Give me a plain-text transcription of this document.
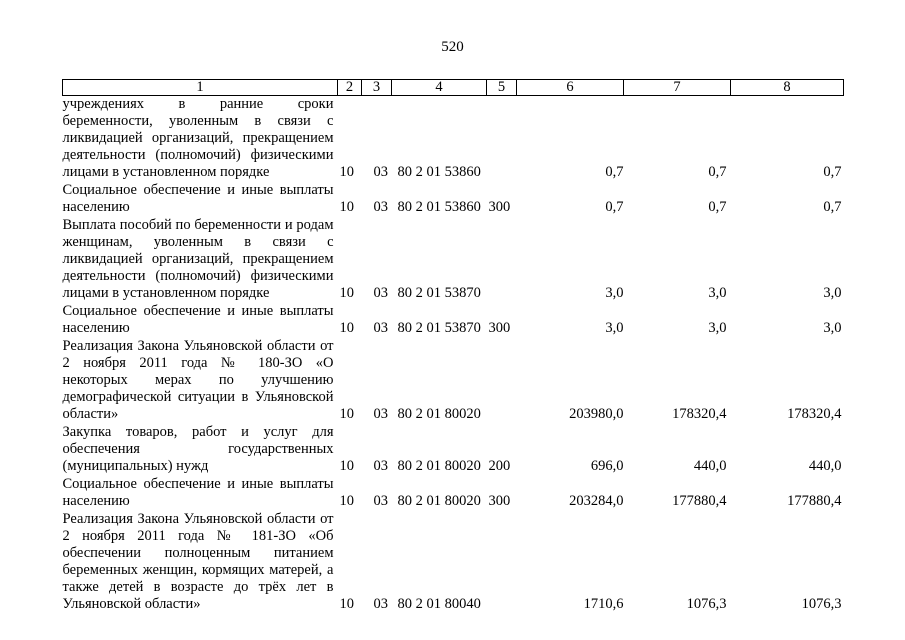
520
1	2	3	4	5	6	7	8
учреждениях в ранние сроки беременности, уволенным в связи с ликвидацией организаций, прекращением деятельности (полномочий) физическими лицами в установленном порядке	10	03	80 2 01 53860		0,7	0,7	0,7
Социальное обеспечение и иные выплаты населению	10	03	80 2 01 53860	300	0,7	0,7	0,7
Выплата пособий по беременности и родам женщинам, уволенным в связи с ликвидацией организаций, прекращением деятельности (полномочий) физическими лицами в установленном порядке	10	03	80 2 01 53870		3,0	3,0	3,0
Социальное обеспечение и иные выплаты населению	10	03	80 2 01 53870	300	3,0	3,0	3,0
Реализация Закона Ульяновской области от 2 ноября 2011 года № 180-ЗО «О некоторых мерах по улучшению демографической ситуации в Ульяновской области»	10	03	80 2 01 80020		203980,0	178320,4	178320,4
Закупка товаров, работ и услуг для обеспечения государственных (муниципальных) нужд	10	03	80 2 01 80020	200	696,0	440,0	440,0
Социальное обеспечение и иные выплаты населению	10	03	80 2 01 80020	300	203284,0	177880,4	177880,4
Реализация Закона Ульяновской области от 2 ноября 2011 года № 181-ЗО «Об обеспечении полноценным питанием беременных женщин, кормящих матерей, а также детей в возрасте до трёх лет в Ульяновской области»	10	03	80 2 01 80040		1710,6	1076,3	1076,3
